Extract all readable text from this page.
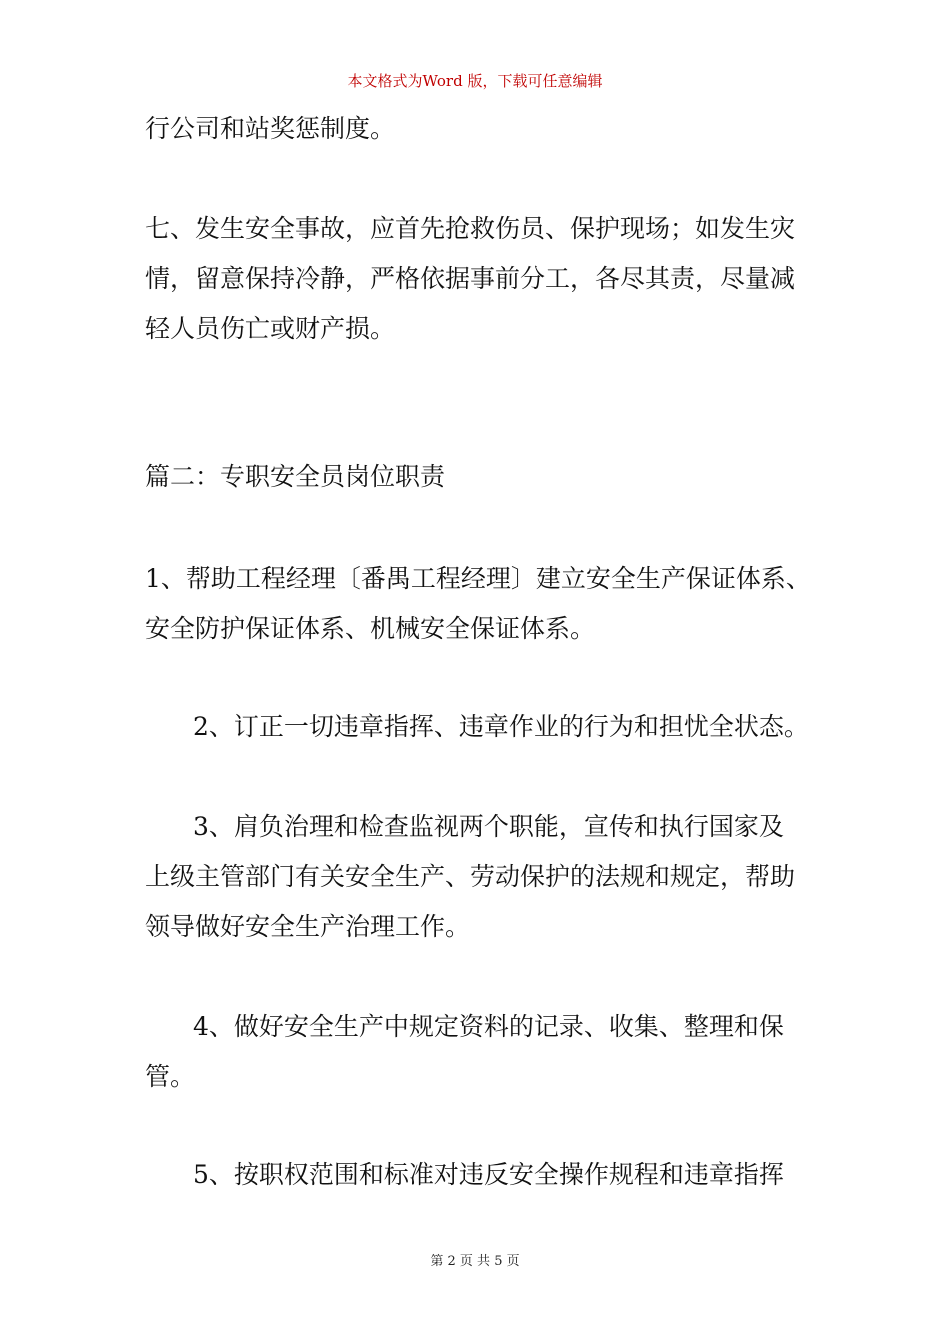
本文格式为Word 版，下载可任意编辑
行公司和站奖惩制度。
七、发生安全事故，应首先抢救伤员、保护现场；如发生灾
情，留意保持冷静，严格依据事前分工，各尽其责，尽量减
轻人员伤亡或财产损。
篇二：专职安全员岗位职责
1、帮助工程经理〔番禺工程经理〕建立安全生产保证体系、
安全防护保证体系、机械安全保证体系。
2、订正一切违章指挥、违章作业的行为和担忧全状态。
3、肩负治理和检查监视两个职能，宣传和执行国家及
上级主管部门有关安全生产、劳动保护的法规和规定，帮助
领导做好安全生产治理工作。
4、做好安全生产中规定资料的记录、收集、整理和保
管。
5、按职权范围和标准对违反安全操作规程和违章指挥
第 2 页 共 5 页
